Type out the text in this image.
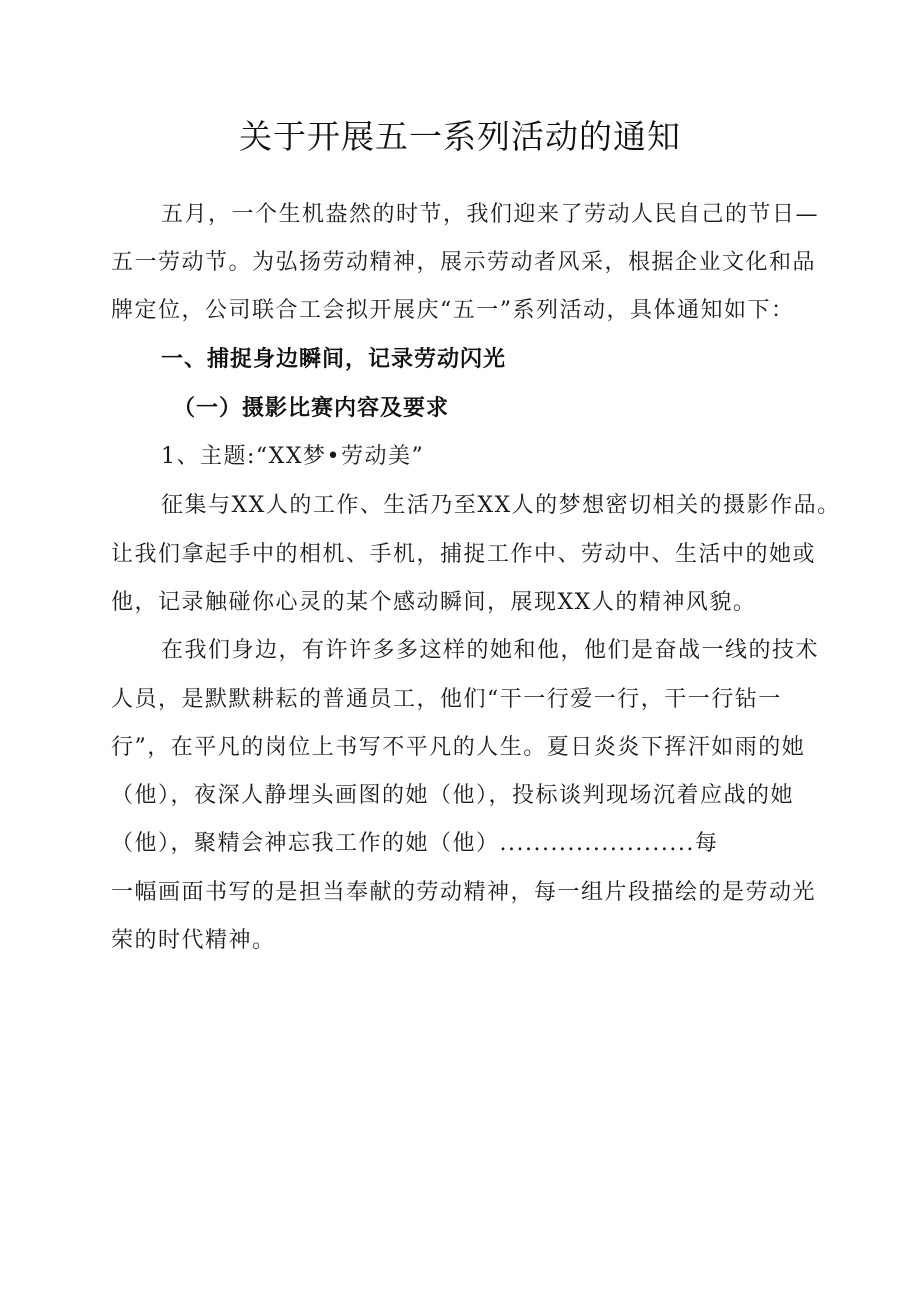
关于开展五一系列活动的通知
五月，一个生机盎然的时节，我们迎来了劳动人民自己的节日—
五一劳动节。为弘扬劳动精神，展示劳动者风采，根据企业文化和品
牌定位，公司联合工会拟开展庆“五一”系列活动，具体通知如下：
一、捕捉身边瞬间，记录劳动闪光
（一）摄影比赛内容及要求
1、主题:“XX梦•劳动美”
征集与XX人的工作、生活乃至XX人的梦想密切相关的摄影作品。
让我们拿起手中的相机、手机，捕捉工作中、劳动中、生活中的她或
他，记录触碰你心灵的某个感动瞬间，展现XX人的精神风貌。
在我们身边，有许许多多这样的她和他，他们是奋战一线的技术
人员，是默默耕耘的普通员工，他们“干一行爱一行，干一行钻一
行”，在平凡的岗位上书写不平凡的人生。夏日炎炎下挥汗如雨的她
（他），夜深人静埋头画图的她（他），投标谈判现场沉着应战的她
（他），聚精会神忘我工作的她（他）.......................每
一幅画面书写的是担当奉献的劳动精神，每一组片段描绘的是劳动光
荣的时代精神。
